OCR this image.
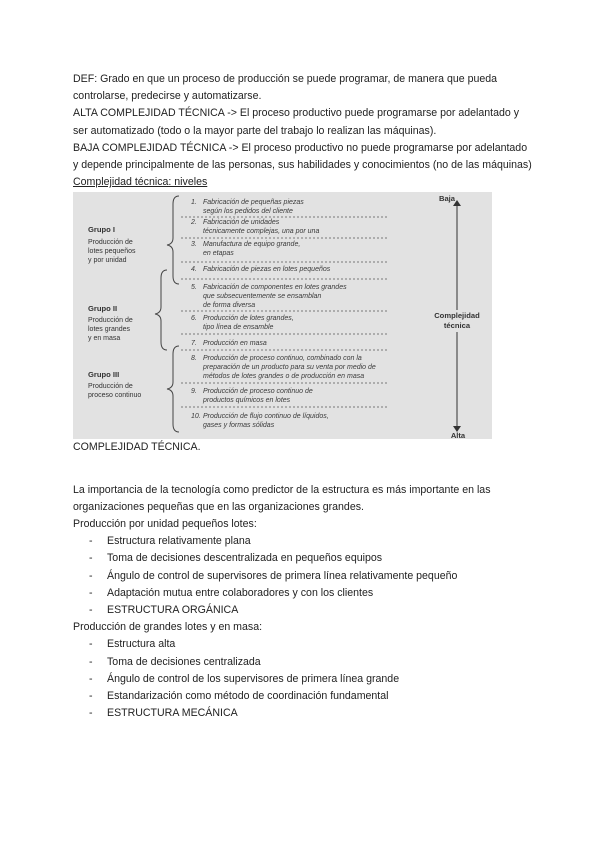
DEF: Grado en que un proceso de producción se puede programar, de manera que pueda controlarse, predecirse y automatizarse.

ALTA COMPLEJIDAD TÉCNICA -> El proceso productivo puede programarse por adelantado y ser automatizado (todo o la mayor parte del trabajo lo realizan las máquinas).

BAJA COMPLEJIDAD TÉCNICA -> El proceso productivo no puede programarse por adelantado y depende principalmente de las personas, sus habilidades y conocimientos (no de las máquinas)

Complejidad técnica: niveles

Grupo I
Producción de
lotes pequeños
y por unidad
Grupo II
Producción de
lotes grandes
y en masa
Grupo III
Producción de
proceso continuo
1. Fabricación de pequeñas piezas
según los pedidos del cliente
2. Fabricación de unidades
técnicamente complejas, una por una
3. Manufactura de equipo grande,
en etapas
4. Fabricación de piezas en lotes pequeños
5. Fabricación de componentes en lotes grandes
que subsecuentemente se ensamblan
de forma diversa
6. Producción de lotes grandes,
tipo línea de ensamble
7. Producción en masa
8. Producción de proceso continuo, combinado con la
preparación de un producto para su venta por medio de
métodos de lotes grandes o de producción en masa
9. Producción de proceso continuo de
productos químicos en lotes
10. Producción de flujo continuo de líquidos,
gases y formas sólidas
Baja
Complejidad
técnica
Alta

COMPLEJIDAD TÉCNICA.

La importancia de la tecnología como predictor de la estructura es más importante en las organizaciones pequeñas que en las organizaciones grandes.

Producción por unidad pequeños lotes:

- Estructura relativamente plana
- Toma de decisiones descentralizada en pequeños equipos
- Ángulo de control de supervisores de primera línea relativamente pequeño
- Adaptación mutua entre colaboradores y con los clientes
- ESTRUCTURA ORGÁNICA

Producción de grandes lotes y en masa:

- Estructura alta
- Toma de decisiones centralizada
- Ángulo de control de los supervisores de primera línea grande
- Estandarización como método de coordinación fundamental
- ESTRUCTURA MECÁNICA
